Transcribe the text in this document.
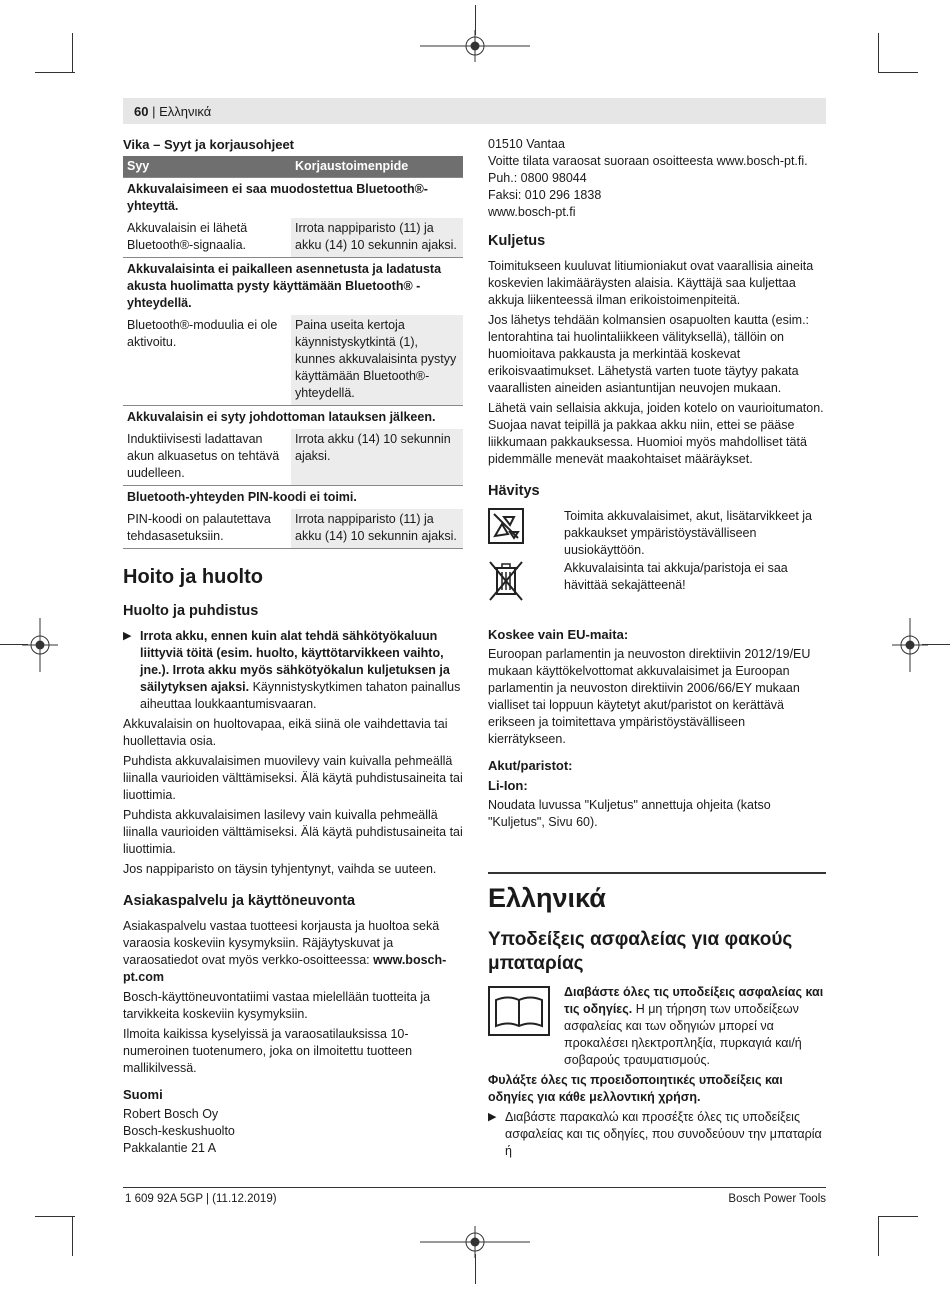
60 | Ελληνικά
Vika – Syyt ja korjausohjeet
Syy	Korjaustoimenpide
Akkuvalaisimeen ei saa muodostettua Bluetooth®-yhteyttä.	
Akkuvalaisin ei lähetä Bluetooth®-signaalia.	Irrota nappiparisto (11) ja akku (14) 10 sekunnin ajaksi.
Akkuvalaisinta ei paikalleen asennetusta ja ladatusta akusta huolimatta pysty käyttämään Bluetooth® -yhteydellä.	
Bluetooth®-moduulia ei ole aktivoitu.	Paina useita kertoja käynnistyskytkintä (1), kunnes akkuvalaisinta pystyy käyttämään Bluetooth®-yhteydellä.
Akkuvalaisin ei syty johdottoman latauksen jälkeen.	
Induktiivisesti ladattavan akun alkuasetus on tehtävä uudelleen.	Irrota akku (14) 10 sekunnin ajaksi.
Bluetooth-yhteyden PIN-koodi ei toimi.	
PIN-koodi on palautettava tehdasasetuksiin.	Irrota nappiparisto (11) ja akku (14) 10 sekunnin ajaksi.
Hoito ja huolto
Huolto ja puhdistus

▶ Irrota akku, ennen kuin alat tehdä sähkötyökaluun liittyviä töitä (esim. huolto, käyttötarvikkeen vaihto, jne.). Irrota akku myös sähkötyökalun kuljetuksen ja säilytyksen ajaksi. Käynnistyskytkimen tahaton painallus aiheuttaa loukkaantumisvaaran.

Akkuvalaisin on huoltovapaa, eikä siinä ole vaihdettavia tai huollettavia osia.

Puhdista akkuvalaisimen muovilevy vain kuivalla pehmeällä liinalla vaurioiden välttämiseksi. Älä käytä puhdistusaineita tai liuottimia.

Puhdista akkuvalaisimen lasilevy vain kuivalla pehmeällä liinalla vaurioiden välttämiseksi. Älä käytä puhdistusaineita tai liuottimia.

Jos nappiparisto on täysin tyhjentynyt, vaihda se uuteen.

Asiakaspalvelu ja käyttöneuvonta

Asiakaspalvelu vastaa tuotteesi korjausta ja huoltoa sekä varaosia koskeviin kysymyksiin. Räjäytyskuvat ja varaosatiedot ovat myös verkko-osoitteessa: www.bosch-pt.com

Bosch-käyttöneuvontatiimi vastaa mielellään tuotteita ja tarvikkeita koskeviin kysymyksiin.

Ilmoita kaikissa kyselyissä ja varaosatilauksissa 10-numeroinen tuotenumero, joka on ilmoitettu tuotteen mallikilvessä.

Suomi
Robert Bosch Oy
Bosch-keskushuolto
Pakkalantie 21 A
01510 Vantaa
Voitte tilata varaosat suoraan osoitteesta www.bosch-pt.fi.
Puh.: 0800 98044
Faksi: 010 296 1838
www.bosch-pt.fi
Kuljetus

Toimitukseen kuuluvat litiumioniakut ovat vaarallisia aineita koskevien lakimääräysten alaisia. Käyttäjä saa kuljettaa akkuja liikenteessä ilman erikoistoimenpiteitä.

Jos lähetys tehdään kolmansien osapuolten kautta (esim.: lentorahtina tai huolintaliikkeen välityksellä), tällöin on huomioitava pakkausta ja merkintää koskevat erikoisvaatimukset. Lähetystä varten tuote täytyy pakata vaarallisten aineiden asiantuntijan neuvojen mukaan.

Lähetä vain sellaisia akkuja, joiden kotelo on vaurioitumaton. Suojaa navat teipillä ja pakkaa akku niin, ettei se pääse liikkumaan pakkauksessa. Huomioi myös mahdolliset tätä pidemmälle menevät maakohtaiset määräykset.

Hävitys

Toimita akkuvalaisimet, akut, lisätarvikkeet ja pakkaukset ympäristöystävälliseen uusiokäyttöön.

Akkuvalaisinta tai akkuja/paristoja ei saa hävittää sekajätteenä!

Koskee vain EU-maita:

Euroopan parlamentin ja neuvoston direktiivin 2012/19/EU mukaan käyttökelvottomat akkuvalaisimet ja Euroopan parlamentin ja neuvoston direktiivin 2006/66/EY mukaan vialliset tai loppuun käytetyt akut/paristot on kerättävä erikseen ja toimitettava ympäristöystävälliseen kierrätykseen.

Akut/paristot:
Li-Ion:

Noudata luvussa "Kuljetus" annettuja ohjeita (katso "Kuljetus", Sivu 60).

Ελληνικά
Υποδείξεις ασφαλείας για φακούς μπαταρίας

Διαβάστε όλες τις υποδείξεις ασφαλείας και τις οδηγίες. Η μη τήρηση των υποδείξεων ασφαλείας και των οδηγιών μπορεί να προκαλέσει ηλεκτροπληξία, πυρκαγιά και/ή σοβαρούς τραυματισμούς.

Φυλάξτε όλες τις προειδοποιητικές υποδείξεις και οδηγίες για κάθε μελλοντική χρήση.

▶ Διαβάστε παρακαλώ και προσέξτε όλες τις υποδείξεις ασφαλείας και τις οδηγίες, που συνοδεύουν την μπαταρία ή

1 609 92A 5GP | (11.12.2019)	Bosch Power Tools
